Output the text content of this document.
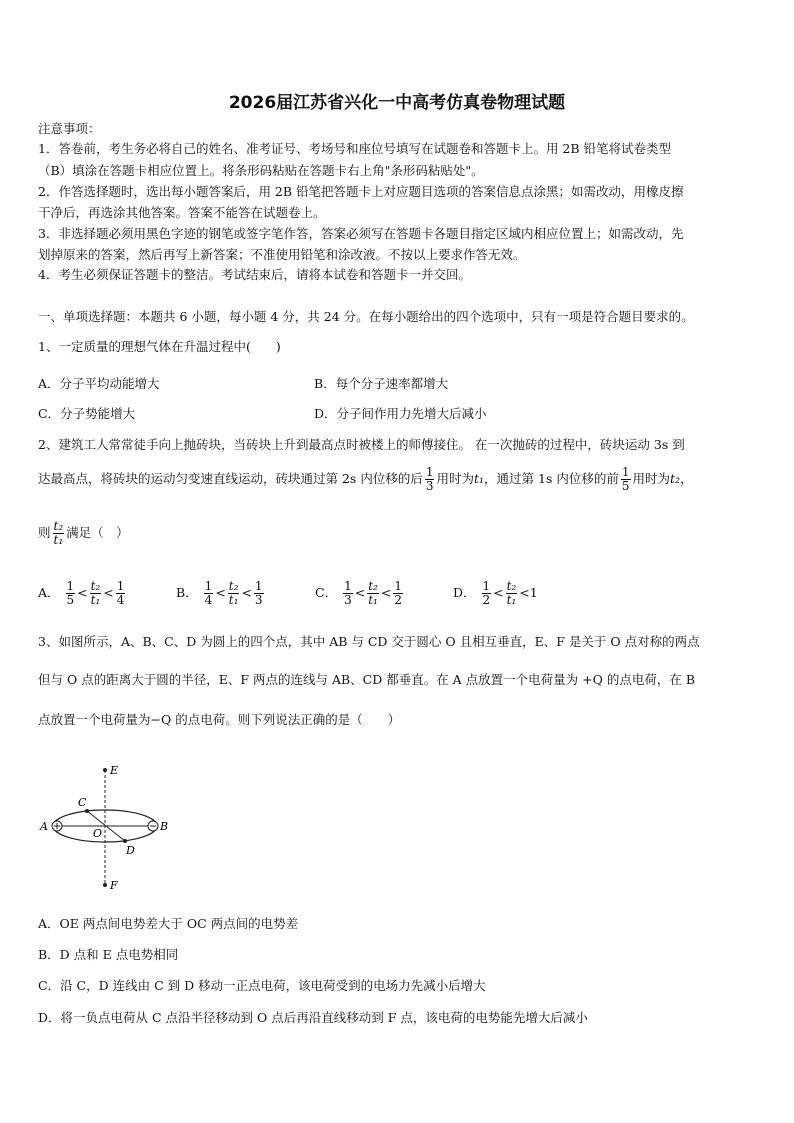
2026届江苏省兴化一中高考仿真卷物理试题
注意事项：
1．答卷前，考生务必将自己的姓名、准考证号、考场号和座位号填写在试题卷和答题卡上。用 2B 铅笔将试卷类型
（B）填涂在答题卡相应位置上。将条形码粘贴在答题卡右上角"条形码粘贴处"。
2．作答选择题时，选出每小题答案后，用 2B 铅笔把答题卡上对应题目选项的答案信息点涂黑；如需改动，用橡皮擦
干净后，再选涂其他答案。答案不能答在试题卷上。
3．非选择题必须用黑色字迹的钢笔或签字笔作答，答案必须写在答题卡各题目指定区域内相应位置上；如需改动，先
划掉原来的答案，然后再写上新答案；不准使用铅笔和涂改液。不按以上要求作答无效。
4．考生必须保证答题卡的整洁。考试结束后，请将本试卷和答题卡一并交回。
一、单项选择题：本题共 6 小题，每小题 4 分，共 24 分。在每小题给出的四个选项中，只有一项是符合题目要求的。
1、一定质量的理想气体在升温过程中(　　)
A．分子平均动能增大	B．每个分子速率都增大
C．分子势能增大	D．分子间作用力先增大后减小
2、建筑工人常常徒手向上抛砖块，当砖块上升到最高点时被楼上的师傅接住。 在一次抛砖的过程中，砖块运动 3s 到
达最高点，将砖块的运动匀变速直线运动，砖块通过第 2s 内位移的后 $\frac{1}{3}$ 用时为t₁，通过第 1s 内位移的前 $\frac{1}{5}$ 用时为t₂，
则 $\frac{\text{t₂}}{\text{t₁}}$ 满足（　）
A． $\frac{1}{5} < \frac{\text{t₂}}{\text{t₁}} < \frac{1}{4}$	B． $\frac{1}{4} < \frac{\text{t₂}}{\text{t₁}} < \frac{1}{3}$	C． $\frac{1}{3} < \frac{\text{t₂}}{\text{t₁}} < \frac{1}{2}$	D． $\frac{1}{2} < \frac{\text{t₂}}{\text{t₁}} <1$
3、如图所示，A、B、C、D 为圆上的四个点，其中 AB 与 CD 交于圆心 O 且相互垂直，E、F 是关于 O 点对称的两点
但与 O 点的距离大于圆的半径，E、F 两点的连线与 AB、CD 都垂直。在 A 点放置一个电荷量为 +Q 的点电荷，在 B
点放置一个电荷量为−Q 的点电荷。则下列说法正确的是（　　）
E
F
A	B
C
D
O
A．OE 两点间电势差大于 OC 两点间的电势差
B．D 点和 E 点电势相同
C．沿 C，D 连线由 C 到 D 移动一正点电荷，该电荷受到的电场力先减小后增大
D．将一负点电荷从 C 点沿半径移动到 O 点后再沿直线移动到 F 点，该电荷的电势能先增大后减小
